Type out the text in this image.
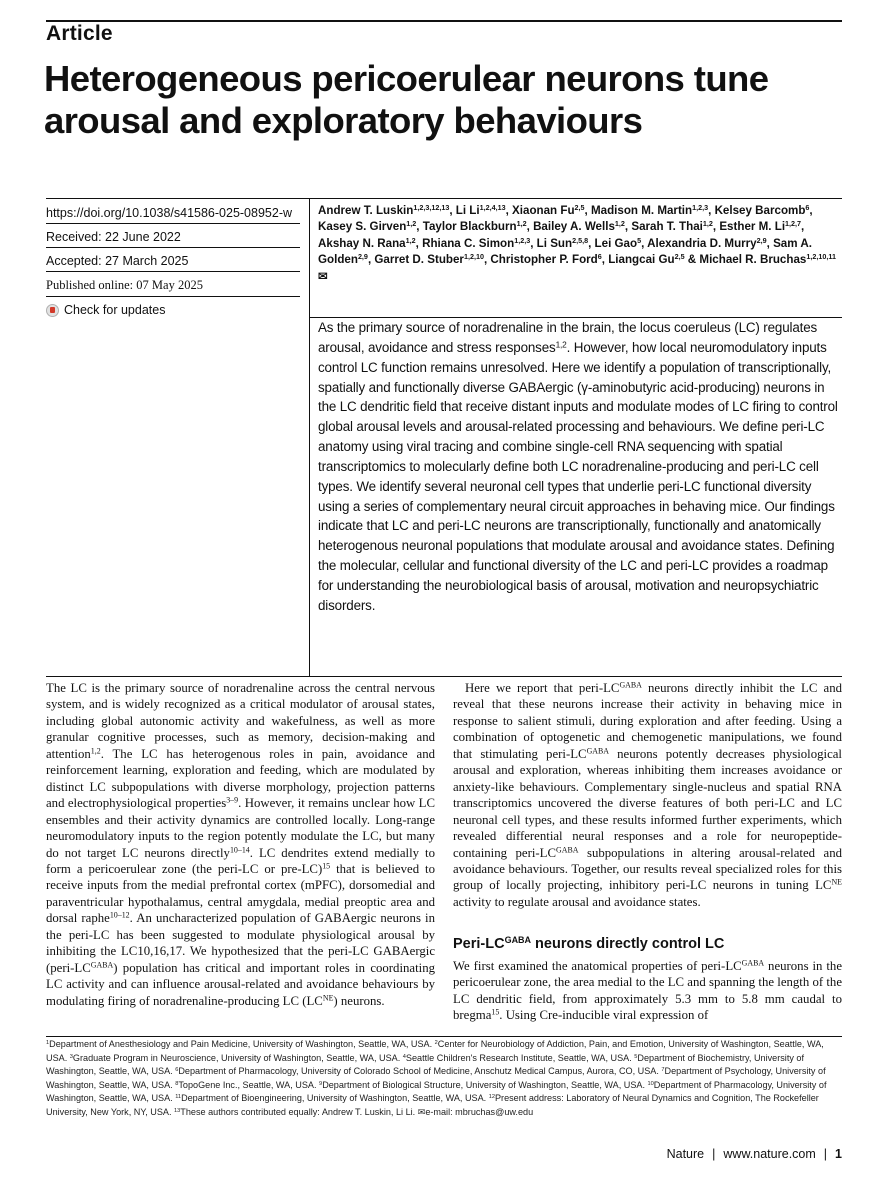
Article
Heterogeneous pericoerulear neurons tune arousal and exploratory behaviours
https://doi.org/10.1038/s41586-025-08952-w
Received: 22 June 2022
Accepted: 27 March 2025
Published online: 07 May 2025
Check for updates
Andrew T. Luskin$^{1,2,3,12,13}$, Li Li$^{1,2,4,13}$, Xiaonan Fu$^{2,5}$, Madison M. Martin$^{1,2,3}$, Kelsey Barcomb$^6$, Kasey S. Girven$^{1,2}$, Taylor Blackburn$^{1,2}$, Bailey A. Wells$^{1,2}$, Sarah T. Thai$^{1,2}$, Esther M. Li$^{1,2,7}$, Akshay N. Rana$^{1,2}$, Rhiana C. Simon$^{1,2,3}$, Li Sun$^{2,5,8}$, Lei Gao$^5$, Alexandria D. Murry$^{2,9}$, Sam A. Golden$^{2,9}$, Garret D. Stuber$^{1,2,10}$, Christopher P. Ford$^6$, Liangcai Gu$^{2,5}$ & Michael R. Bruchas$^{1,2,10,11}$ ✉
As the primary source of noradrenaline in the brain, the locus coeruleus (LC) regulates arousal, avoidance and stress responses$^{1,2}$. However, how local neuromodulatory inputs control LC function remains unresolved. Here we identify a population of transcriptionally, spatially and functionally diverse GABAergic (γ-aminobutyric acid-producing) neurons in the LC dendritic field that receive distant inputs and modulate modes of LC firing to control global arousal levels and arousal-related processing and behaviours. We define peri-LC anatomy using viral tracing and combine single-cell RNA sequencing with spatial transcriptomics to molecularly define both LC noradrenaline-producing and peri-LC cell types. We identify several neuronal cell types that underlie peri-LC functional diversity using a series of complementary neural circuit approaches in behaving mice. Our findings indicate that LC and peri-LC neurons are transcriptionally, functionally and anatomically heterogenous neuronal populations that modulate arousal and avoidance states. Defining the molecular, cellular and functional diversity of the LC and peri-LC provides a roadmap for understanding the neurobiological basis of arousal, motivation and neuropsychiatric disorders.
The LC is the primary source of noradrenaline across the central nervous system, and is widely recognized as a critical modulator of arousal states, including global autonomic activity and wakefulness, as well as more granular cognitive processes, such as memory, decision-making and attention$^{1,2}$. The LC has heterogenous roles in pain, avoidance and reinforcement learning, exploration and feeding, which are modulated by distinct LC subpopulations with diverse morphology, projection patterns and electrophysiological properties$^{3-9}$. However, it remains unclear how LC ensembles and their activity dynamics are controlled locally. Long-range neuromodulatory inputs to the region potently modulate the LC, but many do not target LC neurons directly$^{10-14}$. LC dendrites extend medially to form a pericoerulear zone (the peri-LC or pre-LC)$^{15}$ that is believed to receive inputs from the medial prefrontal cortex (mPFC), dorsomedial and paraventricular hypothalamus, central amygdala, medial preoptic area and dorsal raphe$^{10-12}$. An uncharacterized population of GABAergic neurons in the peri-LC has been suggested to modulate physiological arousal by inhibiting the LC10,16,17. We hypothesized that the peri-LC GABAergic $(peri-LC^{GABA})$ population has critical and important roles in coordinating LC activity and can influence arousal-related and avoidance behaviours by modulating firing of noradrenaline-producing LC $(LC^{NE})$ neurons.
Here we report that peri-$LC^{GABA}$ neurons directly inhibit the LC and reveal that these neurons increase their activity in behaving mice in response to salient stimuli, during exploration and after feeding. Using a combination of optogenetic and chemogenetic manipulations, we found that stimulating peri-$LC^{GABA}$ neurons potently decreases physiological arousal and exploration, whereas inhibiting them increases avoidance or anxiety-like behaviours. Complementary single-nucleus and spatial RNA transcriptomics uncovered the diverse features of both peri-LC and LC neuronal cell types, and these results informed further experiments, which revealed differential neural responses and a role for neuropeptide-containing peri-$LC^{GABA}$ subpopulations in altering arousal-related and avoidance behaviours. Together, our results reveal specialized roles for this group of locally projecting, inhibitory peri-LC neurons in tuning $LC^{NE}$ activity to regulate arousal and avoidance states.
Peri-$LC^{GABA}$ neurons directly control LC
We first examined the anatomical properties of peri-$LC^{GABA}$ neurons in the pericoerulear zone, the area medial to the LC and spanning the length of the LC dendritic field, from approximately 5.3 mm to 5.8 mm caudal to bregma$^{15}$. Using Cre-inducible viral expression of
$^1$Department of Anesthesiology and Pain Medicine, University of Washington, Seattle, WA, USA. $^2$Center for Neurobiology of Addiction, Pain, and Emotion, University of Washington, Seattle, WA, USA. $^3$Graduate Program in Neuroscience, University of Washington, Seattle, WA, USA. $^4$Seattle Children's Research Institute, Seattle, WA, USA. $^5$Department of Biochemistry, University of Washington, Seattle, WA, USA. $^6$Department of Pharmacology, University of Colorado School of Medicine, Anschutz Medical Campus, Aurora, CO, USA. $^7$Department of Psychology, University of Washington, Seattle, WA, USA. $^8$TopoGene Inc., Seattle, WA, USA. $^9$Department of Biological Structure, University of Washington, Seattle, WA, USA. $^{10}$Department of Pharmacology, University of Washington, Seattle, WA, USA. $^{11}$Department of Bioengineering, University of Washington, Seattle, WA, USA. $^{12}$Present address: Laboratory of Neural Dynamics and Cognition, The Rockefeller University, New York, NY, USA. $^{13}$These authors contributed equally: Andrew T. Luskin, Li Li. ✉e-mail: mbruchas@uw.edu
Nature | www.nature.com | 1
